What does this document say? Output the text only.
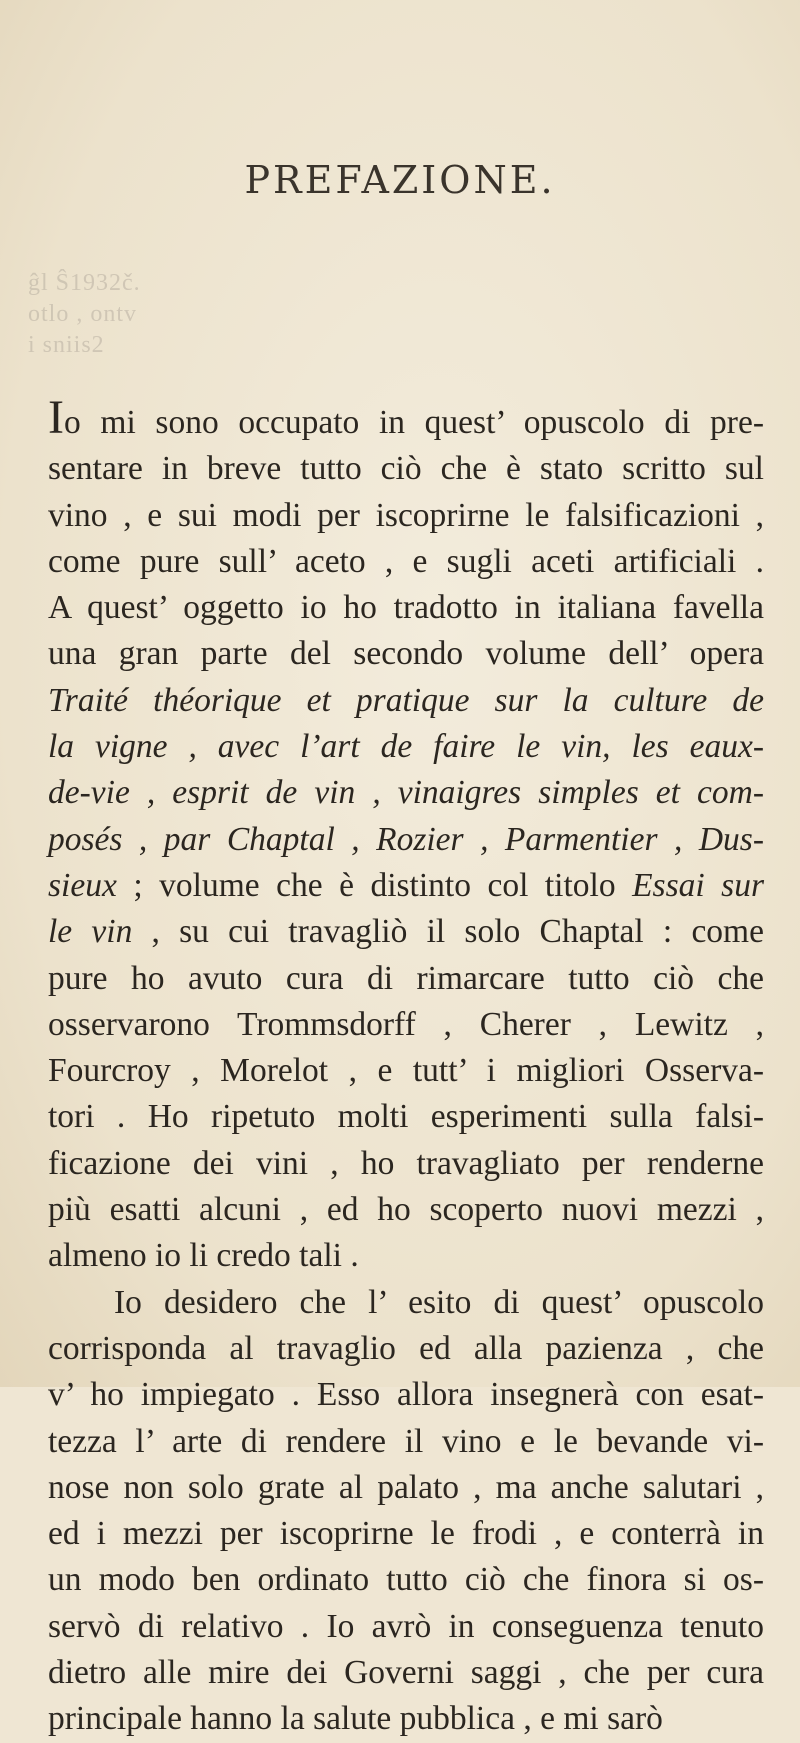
PREFAZIONE.
ĝl Ŝ1932č.
otlo , ontv
i sniis2
Io mi sono occupato in quest’ opuscolo di pre-
sentare in breve tutto ciò che è stato scritto sul
vino , e sui modi per iscoprirne le falsificazioni ,
come pure sull’ aceto , e sugli aceti artificiali .
A quest’ oggetto io ho tradotto in italiana favella
una gran parte del secondo volume dell’ opera
Traité théorique et pratique sur la culture de
la vigne , avec l’art de faire le vin, les eaux-
de-vie , esprit de vin , vinaigres simples et com-
posés , par Chaptal , Rozier , Parmentier , Dus-
sieux ; volume che è distinto col titolo Essai sur
le vin , su cui travagliò il solo Chaptal : come
pure ho avuto cura di rimarcare tutto ciò che
osservarono Trommsdorff , Cherer , Lewitz ,
Fourcroy , Morelot , e tutt’ i migliori Osserva-
tori . Ho ripetuto molti esperimenti sulla falsi-
ficazione dei vini , ho travagliato per renderne
più esatti alcuni , ed ho scoperto nuovi mezzi ,
almeno io li credo tali .
Io desidero che l’ esito di quest’ opuscolo
corrisponda al travaglio ed alla pazienza , che
v’ ho impiegato . Esso allora insegnerà con esat-
tezza l’ arte di rendere il vino e le bevande vi-
nose non solo grate al palato , ma anche salutari ,
ed i mezzi per iscoprirne le frodi , e conterrà in
un modo ben ordinato tutto ciò che finora si os-
servò di relativo . Io avrò in conseguenza tenuto
dietro alle mire dei Governi saggi , che per cura
principale hanno la salute pubblica , e mi sarò
